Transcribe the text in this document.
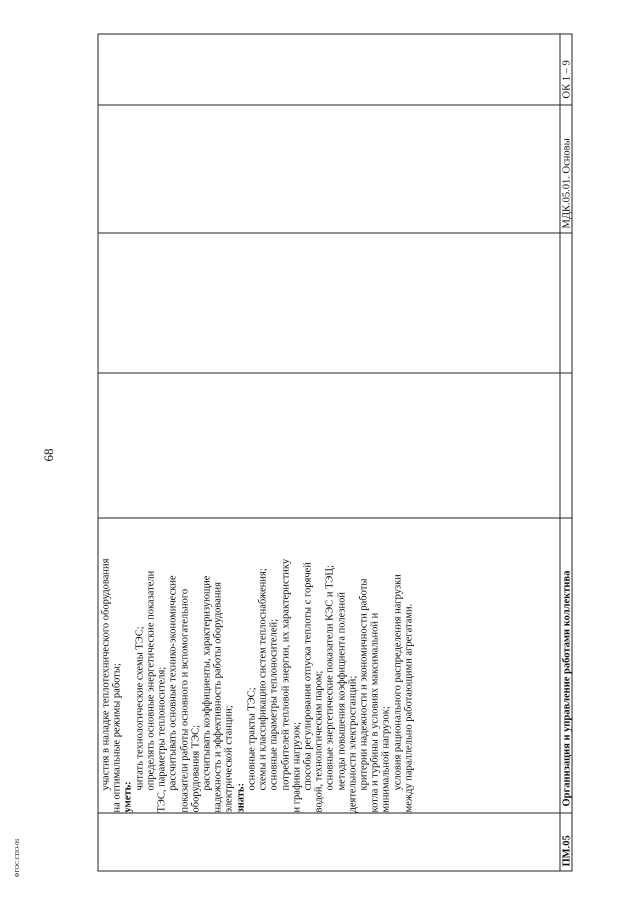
68
участия в наладке теплотехнического оборудования на оптимальные режимы работы; уметь:
читать технологические схемы ТЭС; определять основные энергетические показатели ТЭС, параметры теплоносителя; рассчитывать основные технико-экономические показатели работы основного и вспомогательного оборудования ТЭС; рассчитывать коэффициенты, характеризующие надежность и эффективность работы оборудования электрической станции; знать:
основные тракты ТЭС; схемы и классификацию систем теплоснабжения; основные параметры теплоносителей; потребителей тепловой энергии, их характеристику и графики нагрузок; способы регулирования отпуска теплоты с горячей водой, технологическим паром; основные энергетические показатели КЭС и ТЭЦ; методы повышения коэффициента полезной деятельности электростанций; критерии надежности и экономичности работы котла и турбины в условиях максимальной и минимальной нагрузок; условия рационального распределения нагрузки между параллельно работающими агрегатами.
ПМ.05
Организация и управление работами коллектива
МДК.05.01. Основы
ОК 1 – 9
ФГОС СПО-06
